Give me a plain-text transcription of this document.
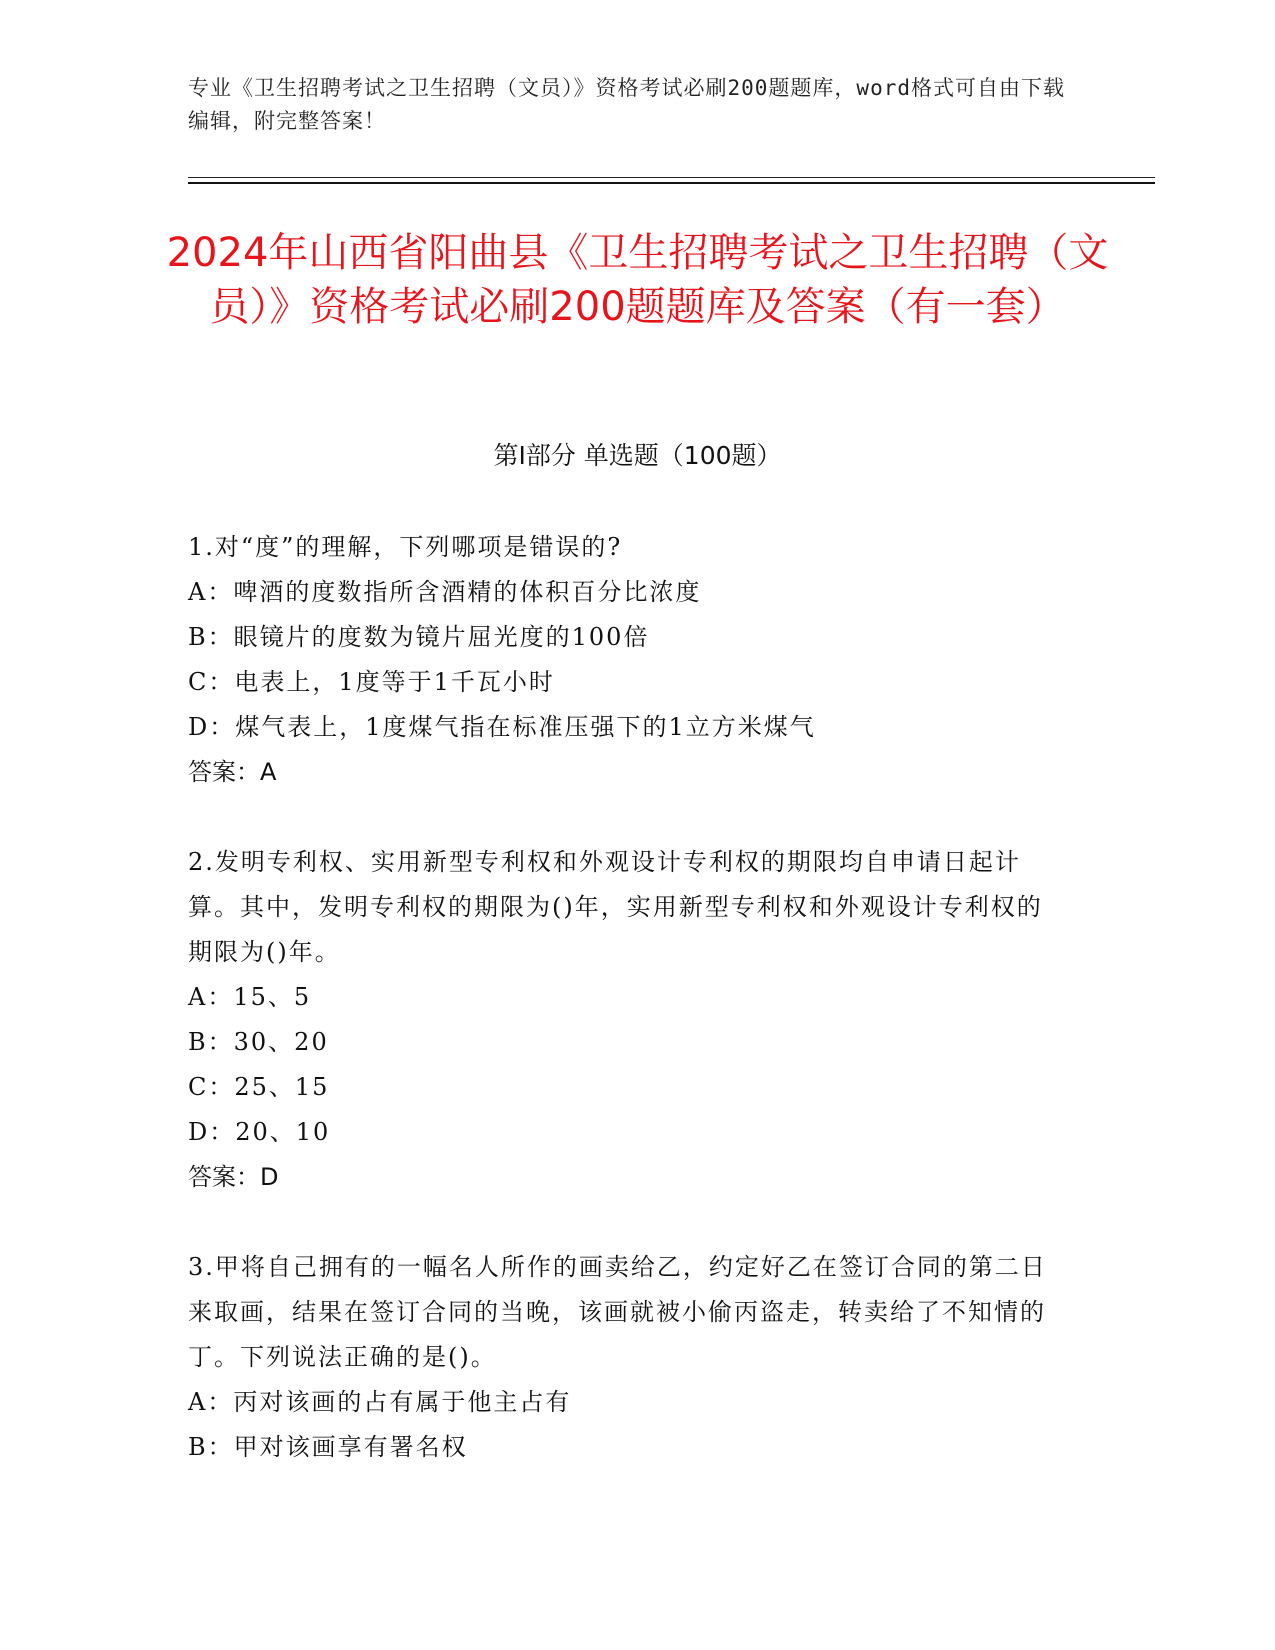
专业《卫生招聘考试之卫生招聘（文员）》资格考试必刷200题题库，word格式可自由下载编辑，附完整答案！
2024年山西省阳曲县《卫生招聘考试之卫生招聘（文员）》资格考试必刷200题题库及答案（有一套）
第Ⅰ部分 单选题（100题）

1.对“度”的理解，下列哪项是错误的?

A：啤酒的度数指所含酒精的体积百分比浓度

B：眼镜片的度数为镜片屈光度的100倍

C：电表上，1度等于1千瓦小时

D：煤气表上，1度煤气指在标准压强下的1立方米煤气

答案：A

2.发明专利权、实用新型专利权和外观设计专利权的期限均自申请日起计算。其中，发明专利权的期限为()年，实用新型专利权和外观设计专利权的期限为()年。

A：15、5

B：30、20

C：25、15

D：20、10

答案：D

3.甲将自己拥有的一幅名人所作的画卖给乙，约定好乙在签订合同的第二日来取画，结果在签订合同的当晚，该画就被小偷丙盗走，转卖给了不知情的丁。下列说法正确的是()。

A：丙对该画的占有属于他主占有

B：甲对该画享有署名权
